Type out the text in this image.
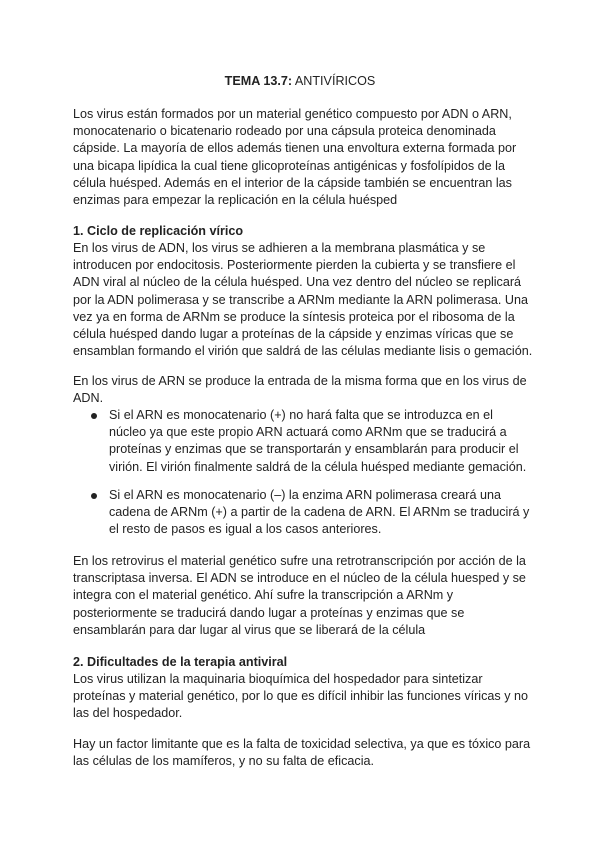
TEMA 13.7: ANTIVÍRICOS

Los virus están formados por un material genético compuesto por ADN o ARN, monocatenario o bicatenario rodeado por una cápsula proteica denominada cápside. La mayoría de ellos además tienen una envoltura externa formada por una bicapa lipídica la cual tiene glicoproteínas antigénicas y fosfolípidos de la célula huésped. Además en el interior de la cápside también se encuentran las enzimas para empezar la replicación en la célula huésped

1. Ciclo de replicación vírico

En los virus de ADN, los virus se adhieren a la membrana plasmática y se introducen por endocitosis. Posteriormente pierden la cubierta y se transfiere el ADN viral al núcleo de la célula huésped. Una vez dentro del núcleo se replicará por la ADN polimerasa y se transcribe a ARNm mediante la ARN polimerasa. Una vez ya en forma de ARNm se produce la síntesis proteica por el ribosoma de la célula huésped dando lugar a proteínas de la cápside y enzimas víricas que se ensamblan formando el virión que saldrá de las células mediante lisis o gemación.

En los virus de ARN se produce la entrada de la misma forma que en los virus de ADN.

Si el ARN es monocatenario (+) no hará falta que se introduzca en el núcleo ya que este propio ARN actuará como ARNm que se traducirá a proteínas y enzimas que se transportarán y ensamblarán para producir el virión. El virión finalmente saldrá de la célula huésped mediante gemación.
Si el ARN es monocatenario (–) la enzima ARN polimerasa creará una cadena de ARNm (+) a partir de la cadena de ARN. El ARNm se traducirá y el resto de pasos es igual a los casos anteriores.

En los retrovirus el material genético sufre una retrotranscripción por acción de la transcriptasa inversa. El ADN se introduce en el núcleo de la célula huesped y se integra con el material genético. Ahí sufre la transcripción a ARNm y posteriormente se traducirá dando lugar a proteínas y enzimas que se ensamblarán para dar lugar al virus que se liberará de la célula

2. Dificultades de la terapia antiviral

Los virus utilizan la maquinaria bioquímica del hospedador para sintetizar proteínas y material genético, por lo que es difícil inhibir las funciones víricas y no las del hospedador.

Hay un factor limitante que es la falta de toxicidad selectiva, ya que es tóxico para las células de los mamíferos, y no su falta de eficacia.
